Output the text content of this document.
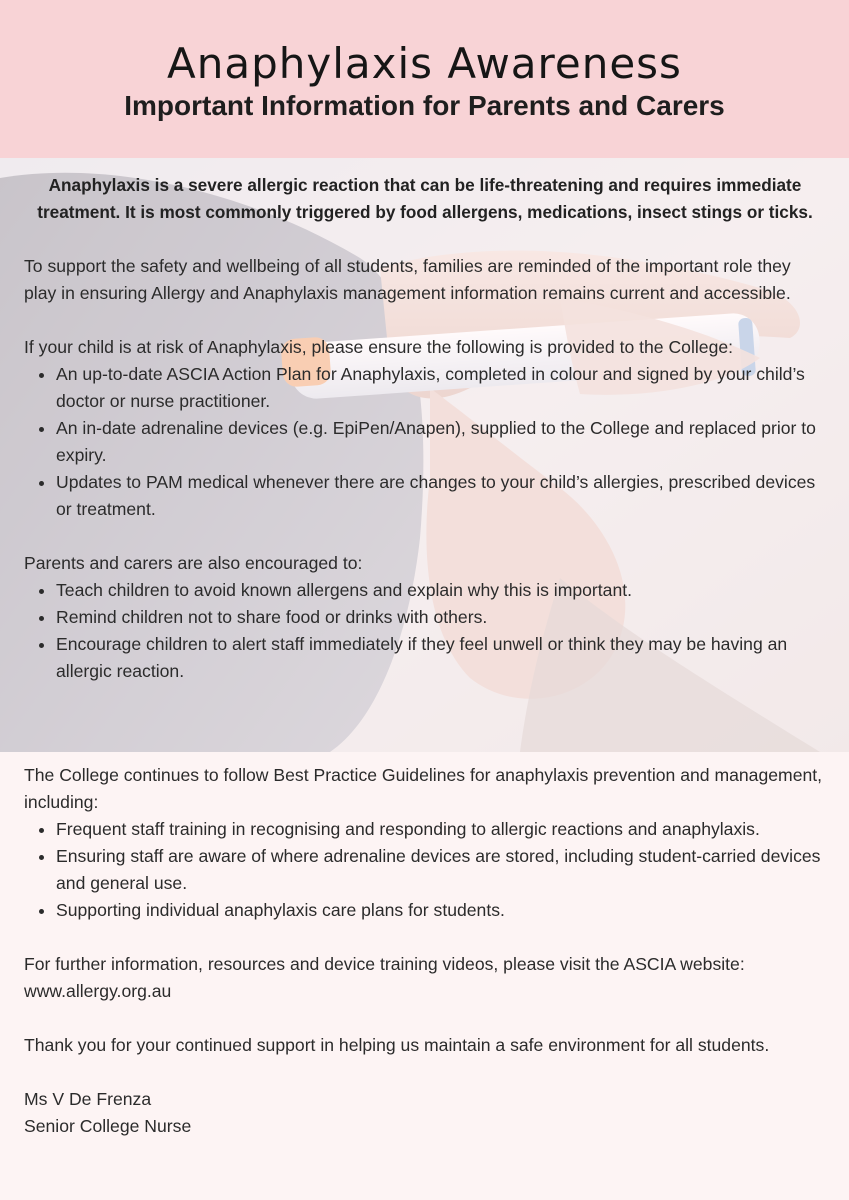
Anaphylaxis Awareness
Important Information for Parents and Carers

Anaphylaxis is a severe allergic reaction that can be life-threatening and requires immediate treatment. It is most commonly triggered by food allergens, medications, insect stings or ticks.

To support the safety and wellbeing of all students, families are reminded of the important role they play in ensuring Allergy and Anaphylaxis management information remains current and accessible.

If your child is at risk of Anaphylaxis, please ensure the following is provided to the College:

• An up-to-date ASCIA Action Plan for Anaphylaxis, completed in colour and signed by your child’s doctor or nurse practitioner.
• An in-date adrenaline devices (e.g. EpiPen/Anapen), supplied to the College and replaced prior to expiry.
• Updates to PAM medical whenever there are changes to your child’s allergies, prescribed devices or treatment.

Parents and carers are also encouraged to:

• Teach children to avoid known allergens and explain why this is important.
• Remind children not to share food or drinks with others.
• Encourage children to alert staff immediately if they feel unwell or think they may be having an allergic reaction.

The College continues to follow Best Practice Guidelines for anaphylaxis prevention and management, including:

• Frequent staff training in recognising and responding to allergic reactions and anaphylaxis.
• Ensuring staff are aware of where adrenaline devices are stored, including student-carried devices and general use.
• Supporting individual anaphylaxis care plans for students.

For further information, resources and device training videos, please visit the ASCIA website: www.allergy.org.au

Thank you for your continued support in helping us maintain a safe environment for all students.

Ms V De Frenza

Senior College Nurse
